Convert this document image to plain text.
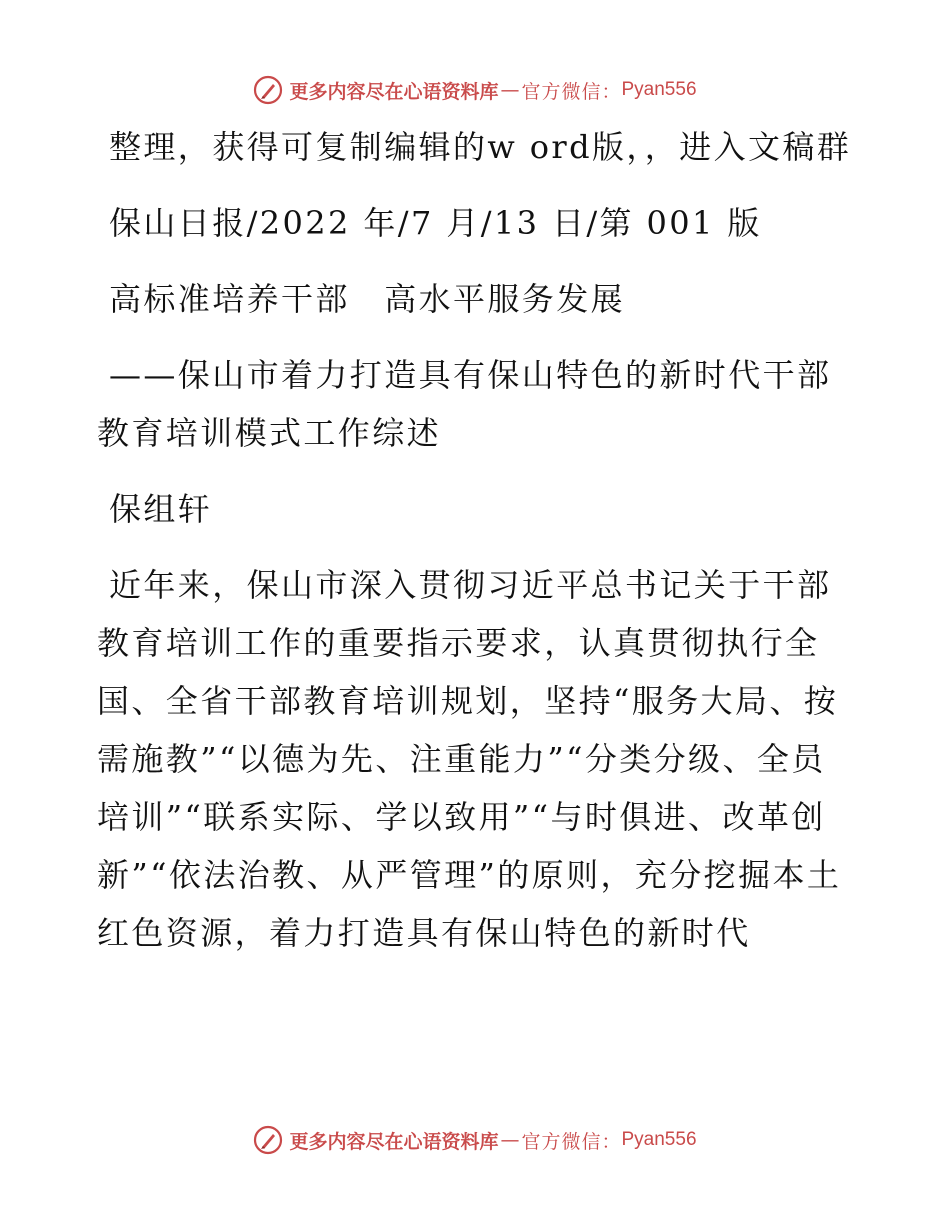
更多内容尽在心语资料库 — 官方微信： Pyan556

整理，获得可复制编辑的w ord版，，进入文稿群

保山日报/2022 年/7 月/13 日/第 001 版

高标准培养干部　高水平服务发展

——保山市着力打造具有保山特色的新时代干部教育培训模式工作综述

保组轩

近年来，保山市深入贯彻习近平总书记关于干部教育培训工作的重要指示要求，认真贯彻执行全国、全省干部教育培训规划，坚持“服务大局、按需施教”“以德为先、注重能力”“分类分级、全员培训”“联系实际、学以致用”“与时俱进、改革创新”“依法治教、从严管理”的原则，充分挖掘本土红色资源，着力打造具有保山特色的新时代

更多内容尽在心语资料库 — 官方微信： Pyan556
